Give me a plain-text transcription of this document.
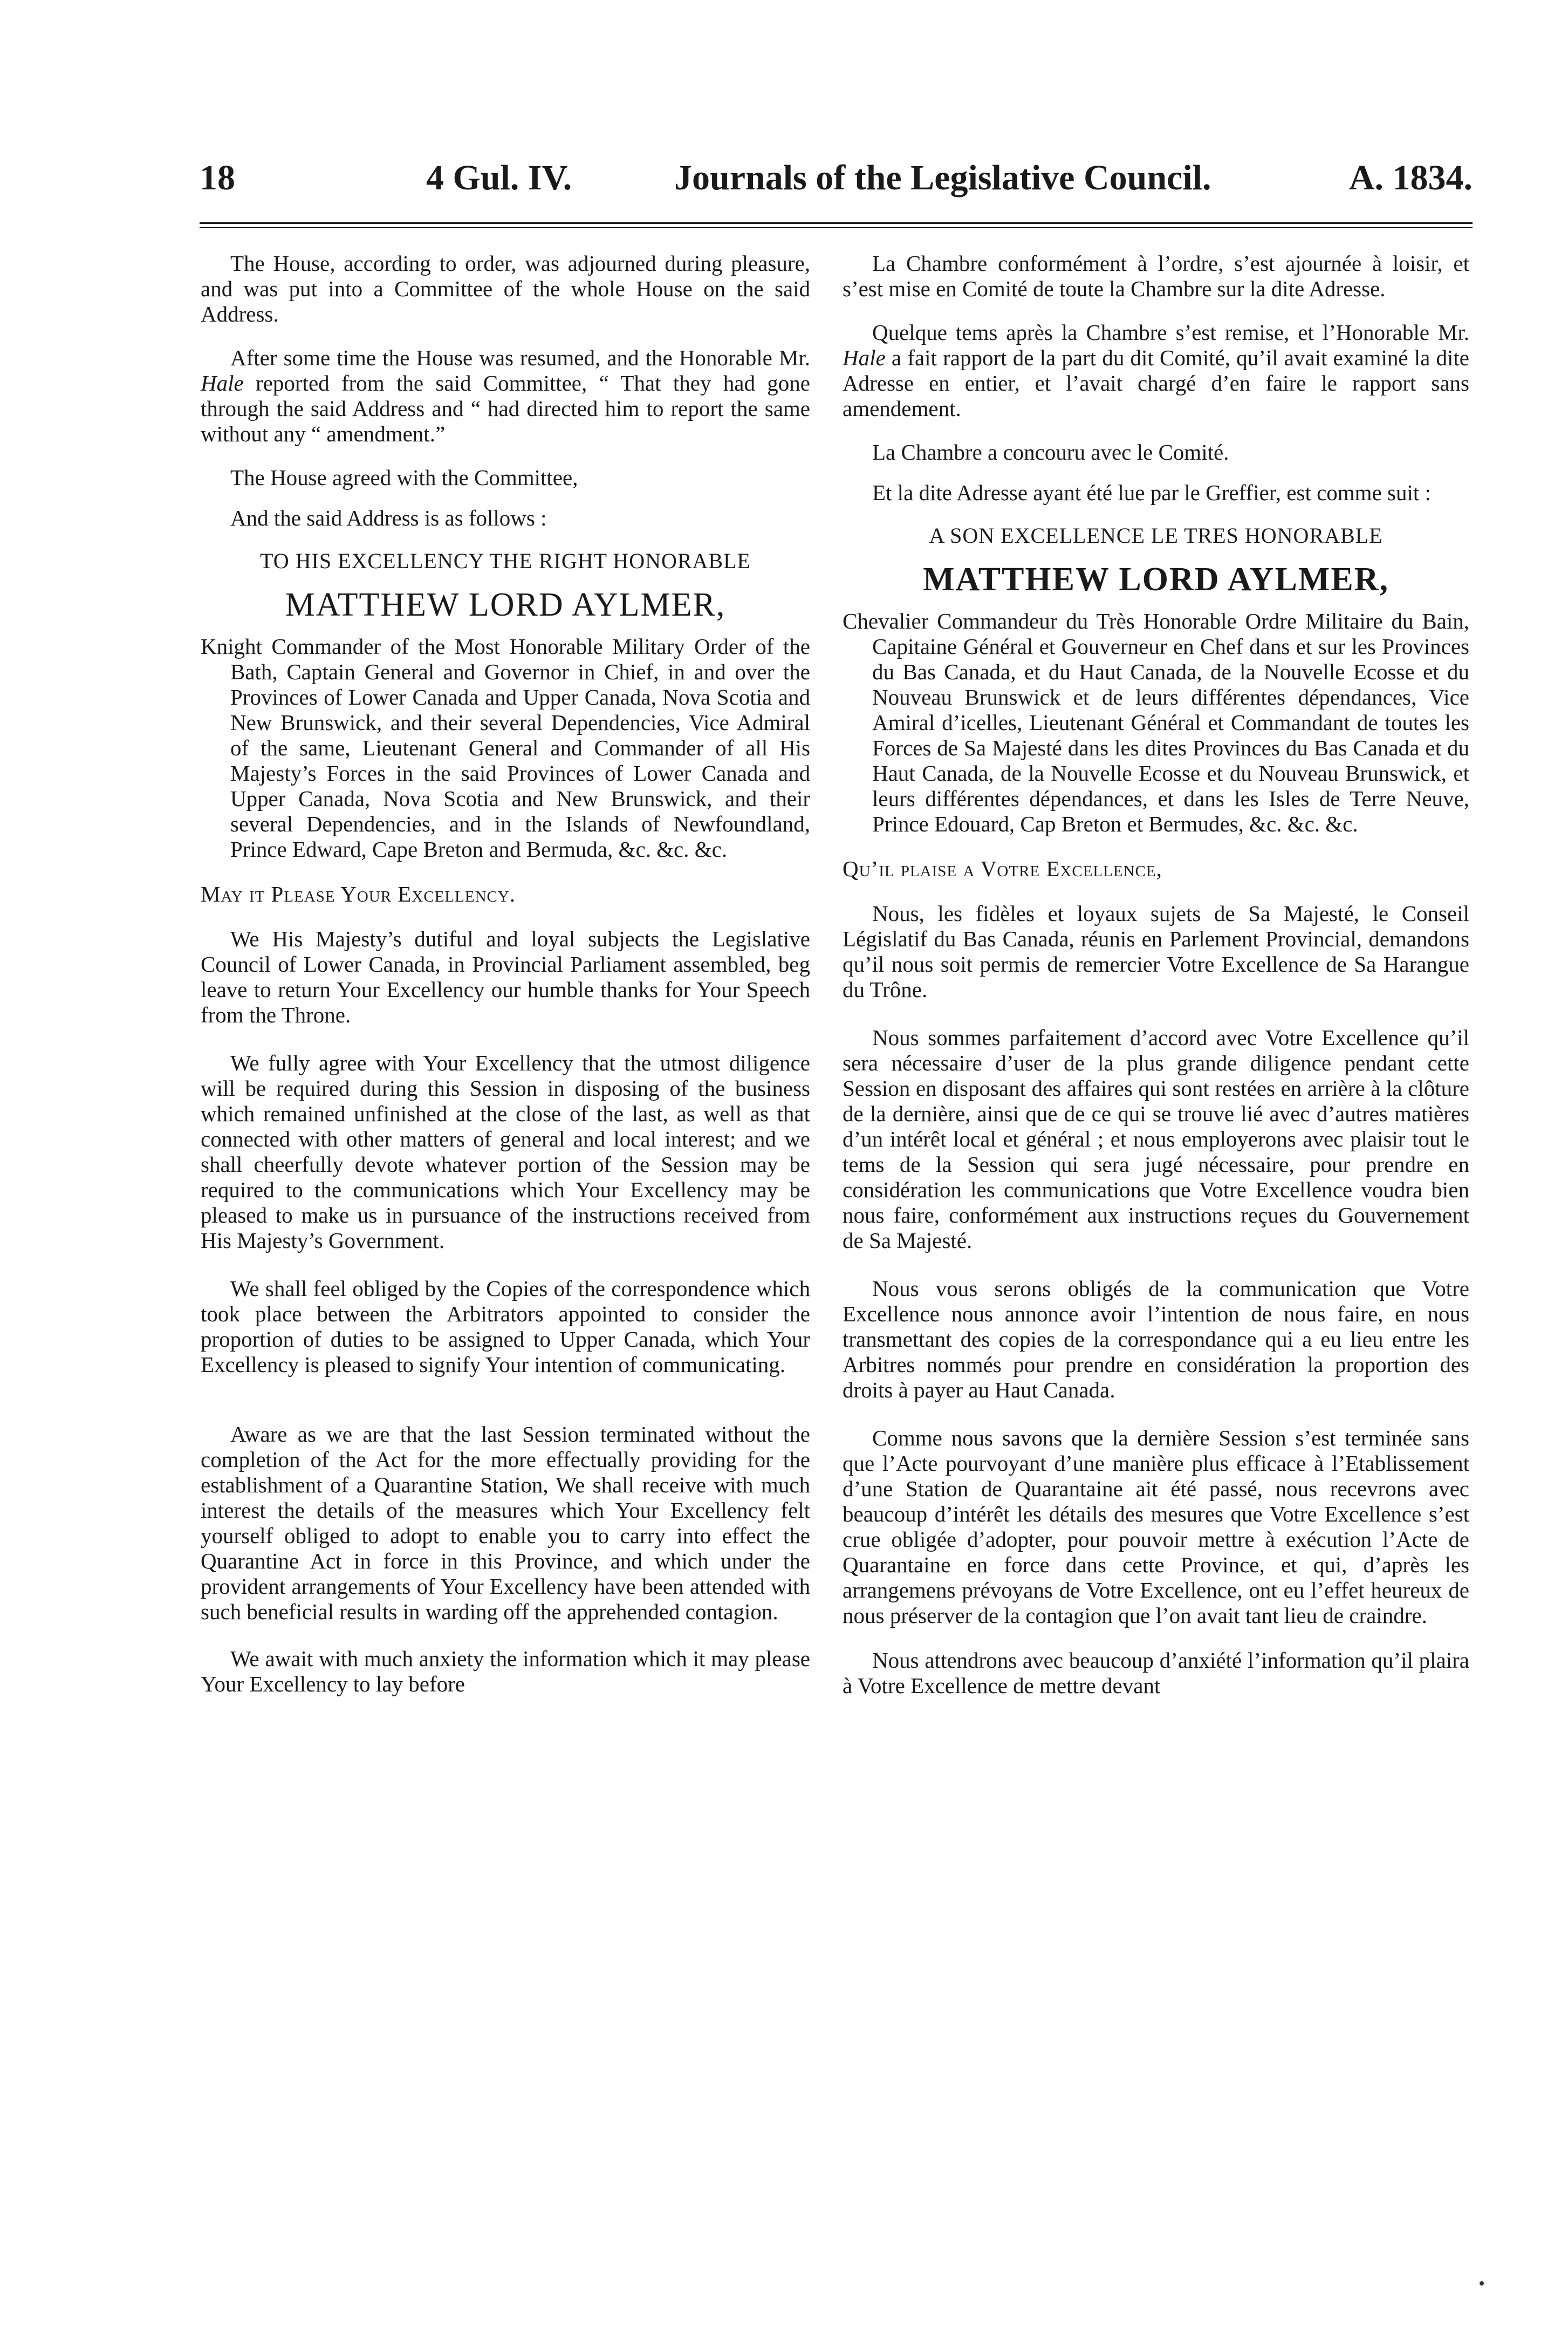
18	4 Gul. IV.	Journals of the Legislative Council.	A. 1834.

The House, according to order, was adjourned during pleasure, and was put into a Committee of the whole House on the said Address.

After some time the House was resumed, and the Honorable Mr. Hale reported from the said Committee, “ That they had gone through the said Address and “ had directed him to report the same without any “ amendment.”

The House agreed with the Committee,

And the said Address is as follows :

TO HIS EXCELLENCY THE RIGHT HONORABLE

MATTHEW LORD AYLMER,

Knight Commander of the Most Honorable Military Order of the Bath, Captain General and Governor in Chief, in and over the Provinces of Lower Canada and Upper Canada, Nova Scotia and New Brunswick, and their several Dependencies, Vice Admiral of the same, Lieutenant General and Commander of all His Majesty’s Forces in the said Provinces of Lower Canada and Upper Canada, Nova Scotia and New Brunswick, and their several Dependencies, and in the Islands of Newfoundland, Prince Edward, Cape Breton and Bermuda, &c. &c. &c.

May it Please Your Excellency.

We His Majesty’s dutiful and loyal subjects the Legislative Council of Lower Canada, in Provincial Parliament assembled, beg leave to return Your Excellency our humble thanks for Your Speech from the Throne.

We fully agree with Your Excellency that the utmost diligence will be required during this Session in disposing of the business which remained unfinished at the close of the last, as well as that connected with other matters of general and local interest; and we shall cheerfully devote whatever portion of the Session may be required to the communications which Your Excellency may be pleased to make us in pursuance of the instructions received from His Majesty’s Government.

We shall feel obliged by the Copies of the correspondence which took place between the Arbitrators appointed to consider the proportion of duties to be assigned to Upper Canada, which Your Excellency is pleased to signify Your intention of communicating.

Aware as we are that the last Session terminated without the completion of the Act for the more effectually providing for the establishment of a Quarantine Station, We shall receive with much interest the details of the measures which Your Excellency felt yourself obliged to adopt to enable you to carry into effect the Quarantine Act in force in this Province, and which under the provident arrangements of Your Excellency have been attended with such beneficial results in warding off the apprehended contagion.

We await with much anxiety the information which it may please Your Excellency to lay before

La Chambre conformément à l’ordre, s’est ajournée à loisir, et s’est mise en Comité de toute la Chambre sur la dite Adresse.

Quelque tems après la Chambre s’est remise, et l’Honorable Mr. Hale a fait rapport de la part du dit Comité, qu’il avait examiné la dite Adresse en entier, et l’avait chargé d’en faire le rapport sans amendement.

La Chambre a concouru avec le Comité.

Et la dite Adresse ayant été lue par le Greffier, est comme suit :

A SON EXCELLENCE LE TRES HONORABLE

MATTHEW LORD AYLMER,

Chevalier Commandeur du Très Honorable Ordre Militaire du Bain, Capitaine Général et Gouverneur en Chef dans et sur les Provinces du Bas Canada, et du Haut Canada, de la Nouvelle Ecosse et du Nouveau Brunswick et de leurs différentes dépendances, Vice Amiral d’icelles, Lieutenant Général et Commandant de toutes les Forces de Sa Majesté dans les dites Provinces du Bas Canada et du Haut Canada, de la Nouvelle Ecosse et du Nouveau Brunswick, et leurs différentes dépendances, et dans les Isles de Terre Neuve, Prince Edouard, Cap Breton et Bermudes, &c. &c. &c.

Qu’il plaise a Votre Excellence,

Nous, les fidèles et loyaux sujets de Sa Majesté, le Conseil Législatif du Bas Canada, réunis en Parlement Provincial, demandons qu’il nous soit permis de remercier Votre Excellence de Sa Harangue du Trône.

Nous sommes parfaitement d’accord avec Votre Excellence qu’il sera nécessaire d’user de la plus grande diligence pendant cette Session en disposant des affaires qui sont restées en arrière à la clôture de la dernière, ainsi que de ce qui se trouve lié avec d’autres matières d’un intérêt local et général ; et nous employerons avec plaisir tout le tems de la Session qui sera jugé nécessaire, pour prendre en considération les communications que Votre Excellence voudra bien nous faire, conformément aux instructions reçues du Gouvernement de Sa Majesté.

Nous vous serons obligés de la communication que Votre Excellence nous annonce avoir l’intention de nous faire, en nous transmettant des copies de la correspondance qui a eu lieu entre les Arbitres nommés pour prendre en considération la proportion des droits à payer au Haut Canada.

Comme nous savons que la dernière Session s’est terminée sans que l’Acte pourvoyant d’une manière plus efficace à l’Etablissement d’une Station de Quarantaine ait été passé, nous recevrons avec beaucoup d’intérêt les détails des mesures que Votre Excellence s’est crue obligée d’adopter, pour pouvoir mettre à exécution l’Acte de Quarantaine en force dans cette Province, et qui, d’après les arrangemens prévoyans de Votre Excellence, ont eu l’effet heureux de nous préserver de la contagion que l’on avait tant lieu de craindre.

Nous attendrons avec beaucoup d’anxiété l’information qu’il plaira à Votre Excellence de mettre devant
